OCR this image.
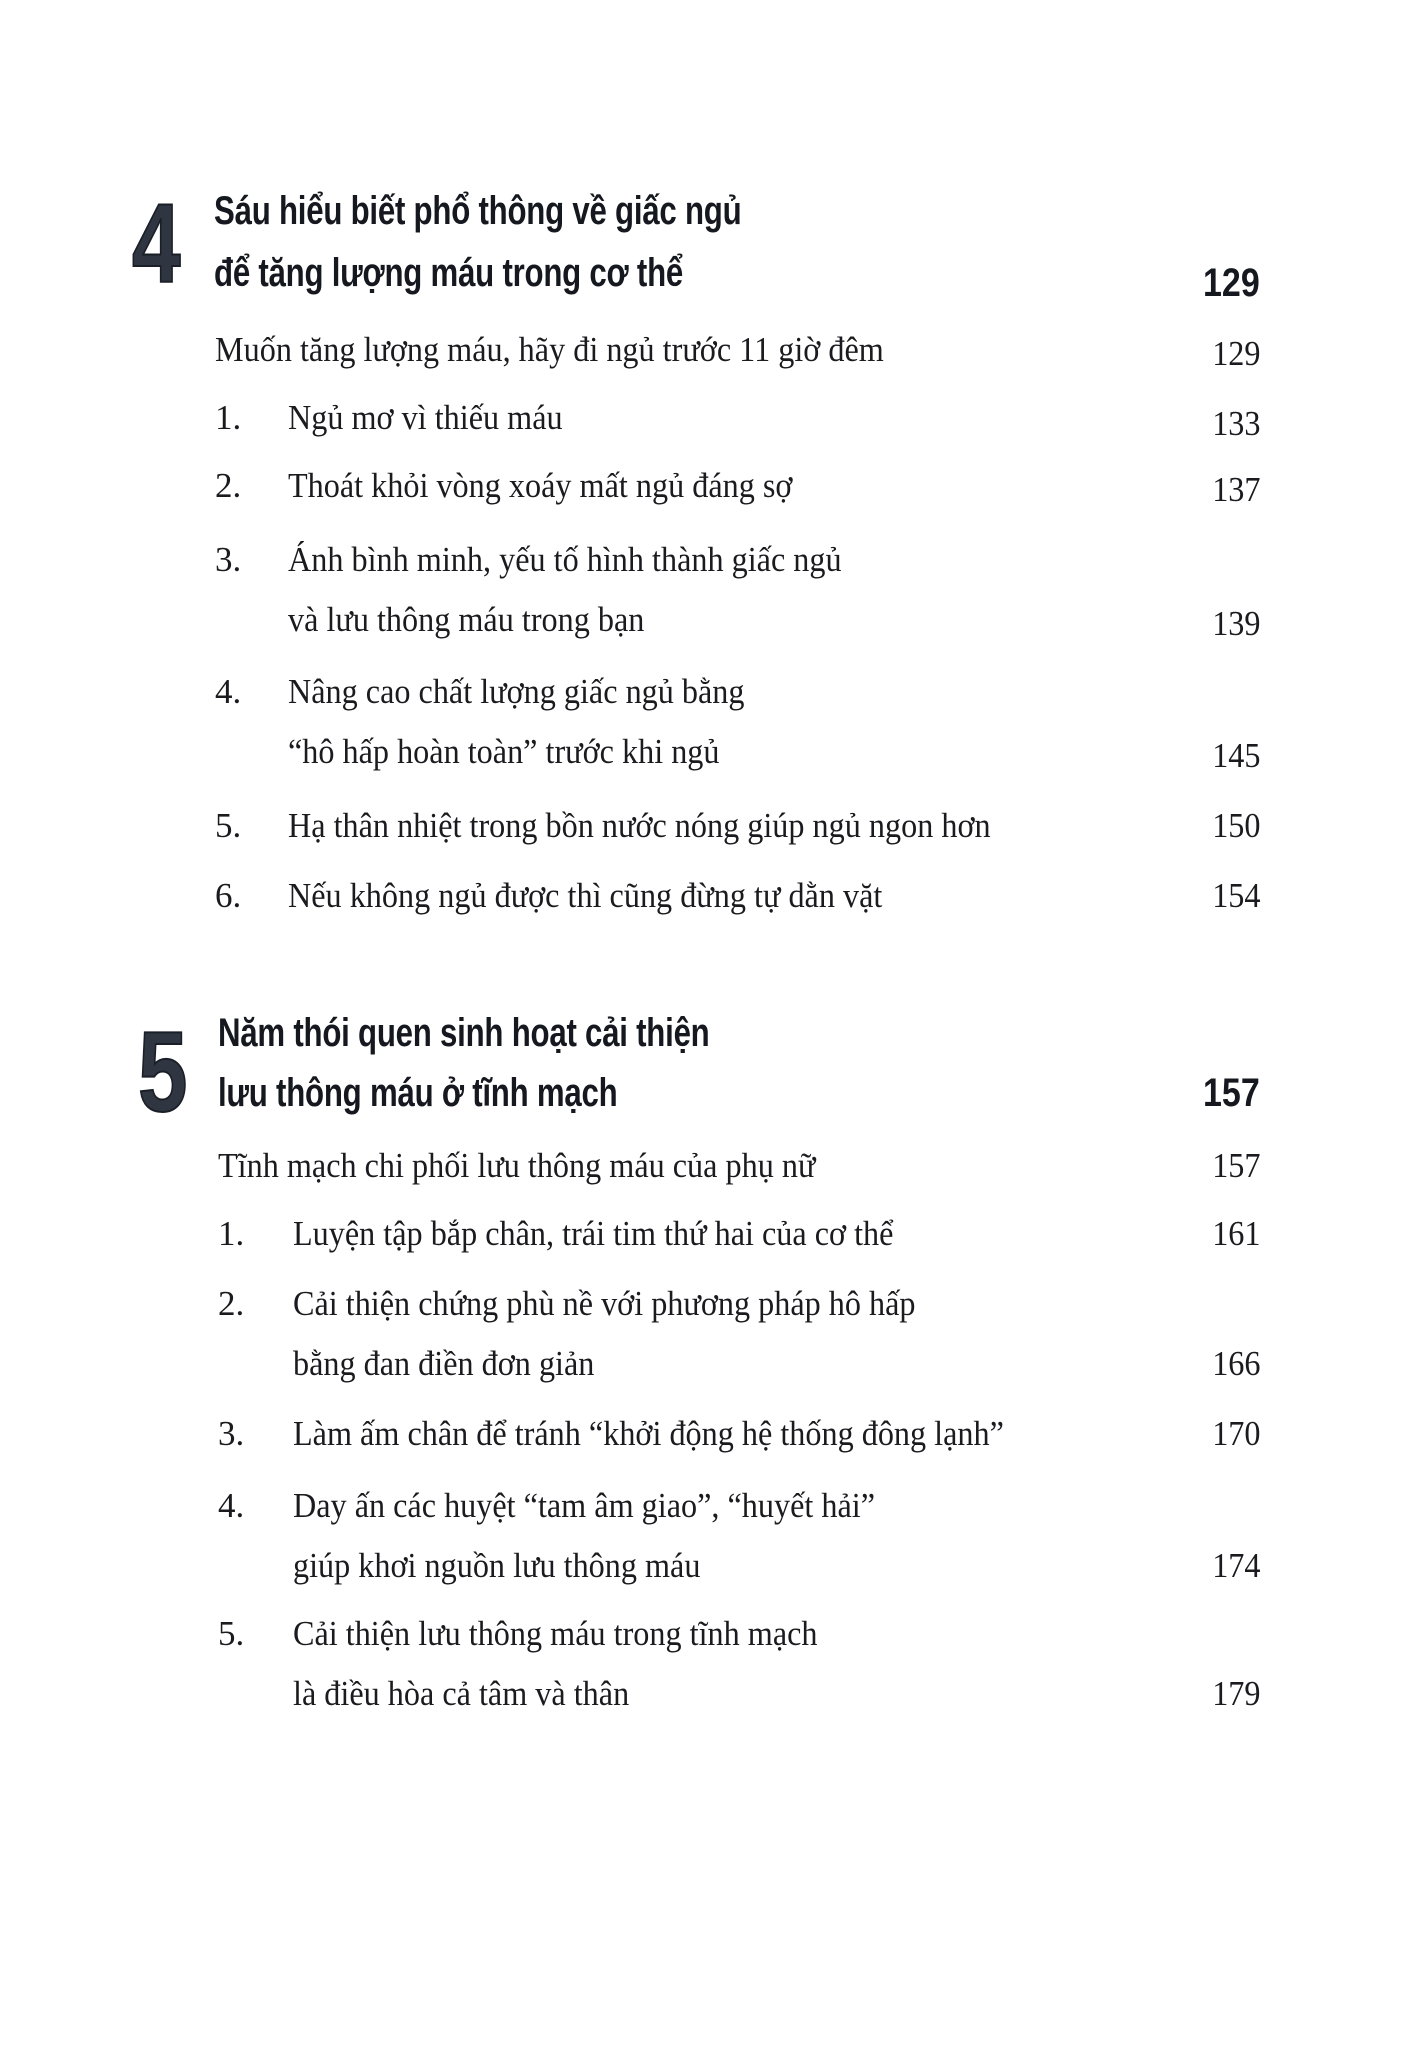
4 Sáu hiểu biết phổ thông về giấc ngủ
để tăng lượng máu trong cơ thể	129
Muốn tăng lượng máu, hãy đi ngủ trước 11 giờ đêm	129
1. Ngủ mơ vì thiếu máu	133
2. Thoát khỏi vòng xoáy mất ngủ đáng sợ	137
3. Ánh bình minh, yếu tố hình thành giấc ngủ
và lưu thông máu trong bạn	139
4. Nâng cao chất lượng giấc ngủ bằng
“hô hấp hoàn toàn” trước khi ngủ	145
5. Hạ thân nhiệt trong bồn nước nóng giúp ngủ ngon hơn	150
6. Nếu không ngủ được thì cũng đừng tự dằn vặt	154
5 Năm thói quen sinh hoạt cải thiện
lưu thông máu ở tĩnh mạch	157
Tĩnh mạch chi phối lưu thông máu của phụ nữ	157
1. Luyện tập bắp chân, trái tim thứ hai của cơ thể	161
2. Cải thiện chứng phù nề với phương pháp hô hấp
bằng đan điền đơn giản	166
3. Làm ấm chân để tránh “khởi động hệ thống đông lạnh”	170
4. Day ấn các huyệt “tam âm giao”, “huyết hải”
giúp khơi nguồn lưu thông máu	174
5. Cải thiện lưu thông máu trong tĩnh mạch
là điều hòa cả tâm và thân	179
